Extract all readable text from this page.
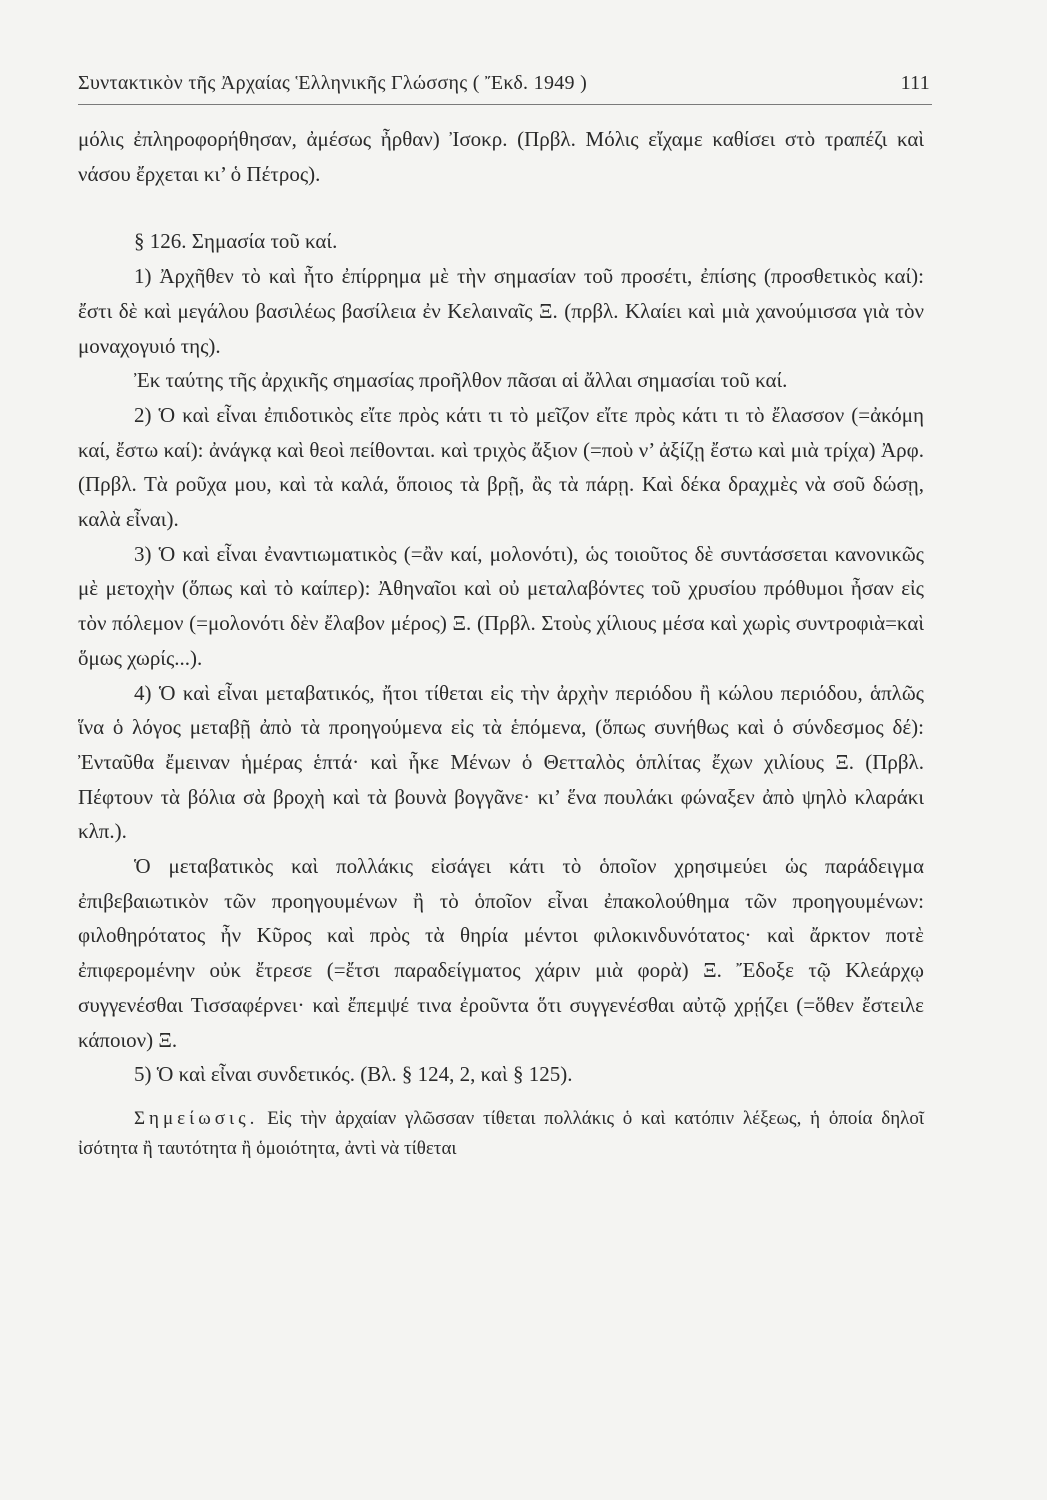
Συντακτικὸν τῆς Ἀρχαίας Ἑλληνικῆς Γλώσσης ( Ἔκδ. 1949 )	111

μόλις ἐπληροφορήθησαν, ἀμέσως ἦρθαν) Ἰσοκρ. (Πρβλ. Μόλις εἴχαμε καθίσει στὸ τραπέζι καὶ νάσου ἔρχεται κι’ ὁ Πέτρος).

§ 126. Σημασία τοῦ καί.

1) Ἀρχῆθεν τὸ καὶ ἦτο ἐπίρρημα μὲ τὴν σημασίαν τοῦ προσέτι, ἐπίσης (προσθετικὸς καί): ἔστι δὲ καὶ μεγάλου βασιλέως βασίλεια ἐν Κελαιναῖς Ξ. (πρβλ. Κλαίει καὶ μιὰ χανούμισσα γιὰ τὸν μοναχογυιό της).

Ἐκ ταύτης τῆς ἀρχικῆς σημασίας προῆλθον πᾶσαι αἱ ἄλλαι σημασίαι τοῦ καί.

2) Ὁ καὶ εἶναι ἐπιδοτικὸς εἴτε πρὸς κάτι τι τὸ μεῖζον εἴτε πρὸς κάτι τι τὸ ἔλασσον (=ἀκόμη καί, ἔστω καί): ἀνάγκᾳ καὶ θεοὶ πείθονται. καὶ τριχὸς ἄξιον (=ποὺ ν’ ἀξίζῃ ἔστω καὶ μιὰ τρίχα) Ἀρφ. (Πρβλ. Τὰ ροῦχα μου, καὶ τὰ καλά, ὅποιος τὰ βρῇ, ἂς τὰ πάρῃ. Καὶ δέκα δραχμὲς νὰ σοῦ δώσῃ, καλὰ εἶναι).

3) Ὁ καὶ εἶναι ἐναντιωματικὸς (=ἂν καί, μολονότι), ὡς τοιοῦτος δὲ συντάσσεται κανονικῶς μὲ μετοχὴν (ὅπως καὶ τὸ καίπερ): Ἀθηναῖοι καὶ οὐ μεταλαβόντες τοῦ χρυσίου πρόθυμοι ἦσαν εἰς τὸν πόλεμον (=μολονότι δὲν ἔλαβον μέρος) Ξ. (Πρβλ. Στοὺς χίλιους μέσα καὶ χωρὶς συντροφιὰ=καὶ ὅμως χωρίς...).

4) Ὁ καὶ εἶναι μεταβατικός, ἤτοι τίθεται εἰς τὴν ἀρχὴν περιόδου ἢ κώλου περιόδου, ἁπλῶς ἵνα ὁ λόγος μεταβῇ ἀπὸ τὰ προηγούμενα εἰς τὰ ἑπόμενα, (ὅπως συνήθως καὶ ὁ σύνδεσμος δέ): Ἐνταῦθα ἔμειναν ἡμέρας ἑπτά· καὶ ἧκε Μένων ὁ Θετταλὸς ὁπλίτας ἔχων χιλίους Ξ. (Πρβλ. Πέφτουν τὰ βόλια σὰ βροχὴ καὶ τὰ βουνὰ βογγᾶνε· κι’ ἕνα πουλάκι φώναξεν ἀπὸ ψηλὸ κλαράκι κλπ.).

Ὁ μεταβατικὸς καὶ πολλάκις εἰσάγει κάτι τὸ ὁποῖον χρησιμεύει ὡς παράδειγμα ἐπιβεβαιωτικὸν τῶν προηγουμένων ἢ τὸ ὁποῖον εἶναι ἐπακολούθημα τῶν προηγουμένων: φιλοθηρότατος ἦν Κῦρος καὶ πρὸς τὰ θηρία μέντοι φιλοκινδυνότατος· καὶ ἄρκτον ποτὲ ἐπιφερομένην οὐκ ἔτρεσε (=ἔτσι παραδείγματος χάριν μιὰ φορὰ) Ξ. Ἔδοξε τῷ Κλεάρχῳ συγγενέσθαι Τισσαφέρνει· καὶ ἔπεμψέ τινα ἐροῦντα ὅτι συγγενέσθαι αὐτῷ χρῄζει (=ὅθεν ἔστειλε κάποιον) Ξ.

5) Ὁ καὶ εἶναι συνδετικός. (Βλ. § 124, 2, καὶ § 125).

Σημείωσις. Εἰς τὴν ἀρχαίαν γλῶσσαν τίθεται πολλάκις ὁ καὶ κατόπιν λέξεως, ἡ ὁποία δηλοῖ ἰσότητα ἢ ταυτότητα ἢ ὁμοιότητα, ἀντὶ νὰ τίθεται
